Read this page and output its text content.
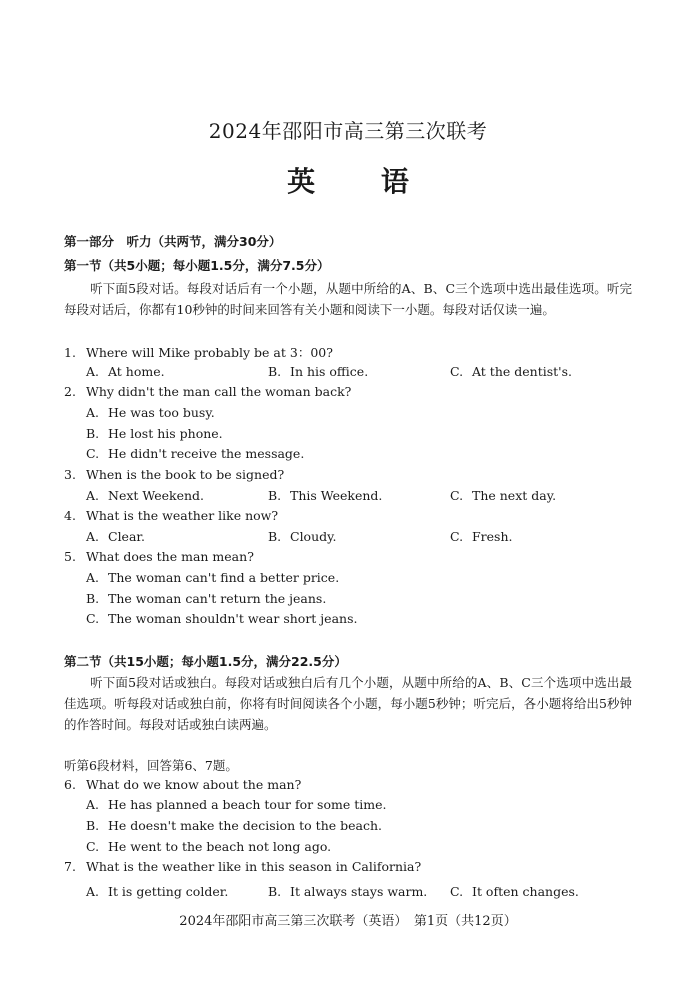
2024年邵阳市高三第三次联考
英 语
第一部分　听力（共两节，满分30分）
第一节（共5小题；每小题1.5分，满分7.5分）
听下面5段对话。每段对话后有一个小题，从题中所给的A、B、C三个选项中选出最佳选项。听完每段对话后，你都有10秒钟的时间来回答有关小题和阅读下一小题。每段对话仅读一遍。
1. Where will Mike probably be at 3：00?
A. At home.	B. In his office.	C. At the dentist's.
2. Why didn't the man call the woman back?
A. He was too busy.
B. He lost his phone.
C. He didn't receive the message.
3. When is the book to be signed?
A. Next Weekend.	B. This Weekend.	C. The next day.
4. What is the weather like now?
A. Clear.	B. Cloudy.	C. Fresh.
5. What does the man mean?
A. The woman can't find a better price.
B. The woman can't return the jeans.
C. The woman shouldn't wear short jeans.
第二节（共15小题；每小题1.5分，满分22.5分）
听下面5段对话或独白。每段对话或独白后有几个小题，从题中所给的A、B、C三个选项中选出最佳选项。听每段对话或独白前，你将有时间阅读各个小题，每小题5秒钟；听完后，各小题将给出5秒钟的作答时间。每段对话或独白读两遍。
听第6段材料，回答第6、7题。
6. What do we know about the man?
A. He has planned a beach tour for some time.
B. He doesn't make the decision to the beach.
C. He went to the beach not long ago.
7. What is the weather like in this season in California?
A. It is getting colder.	B. It always stays warm. C. It often changes.
2024年邵阳市高三第三次联考（英语）　第1页（共12页）
